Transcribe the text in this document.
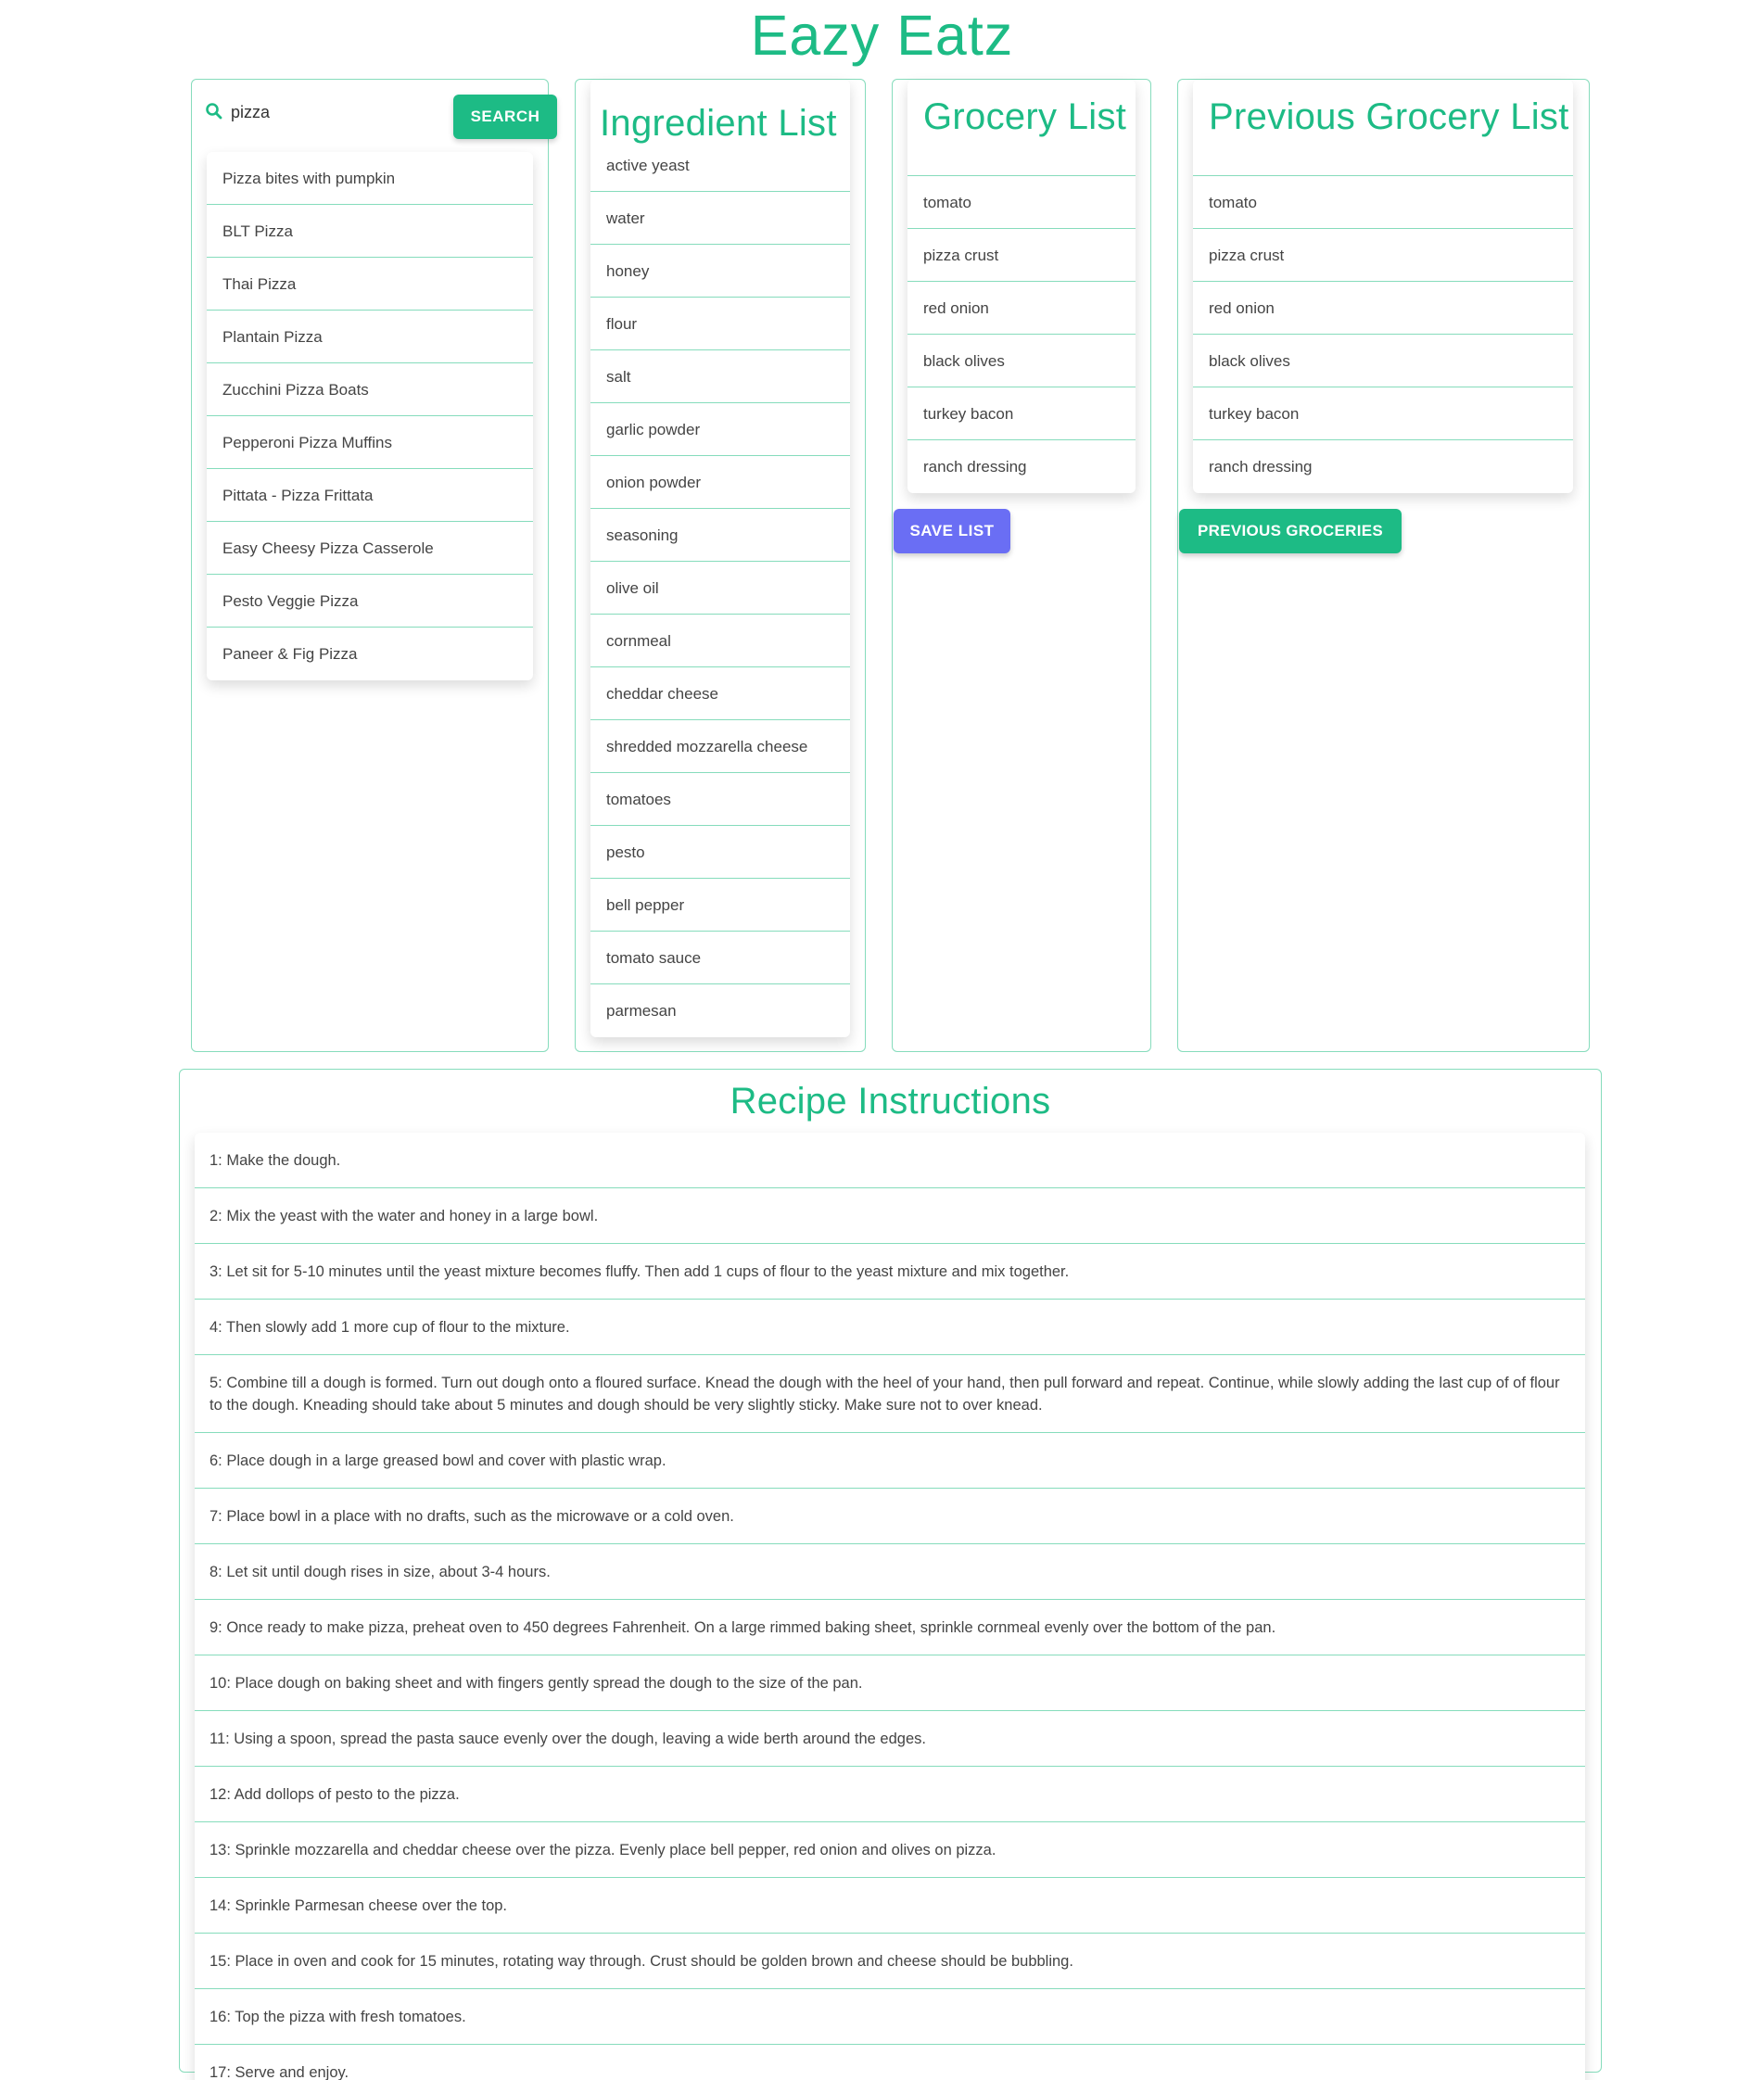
Eazy Eatz
pizza
SEARCH
Pizza bites with pumpkin
BLT Pizza
Thai Pizza
Plantain Pizza
Zucchini Pizza Boats
Pepperoni Pizza Muffins
Pittata - Pizza Frittata
Easy Cheesy Pizza Casserole
Pesto Veggie Pizza
Paneer & Fig Pizza
Ingredient List
active yeast
water
honey
flour
salt
garlic powder
onion powder
seasoning
olive oil
cornmeal
cheddar cheese
shredded mozzarella cheese
tomatoes
pesto
bell pepper
tomato sauce
parmesan
Grocery List
tomato
pizza crust
red onion
black olives
turkey bacon
ranch dressing
SAVE LIST
Previous Grocery List
tomato
pizza crust
red onion
black olives
turkey bacon
ranch dressing
PREVIOUS GROCERIES
Recipe Instructions
1: Make the dough.
2: Mix the yeast with the water and honey in a large bowl.
3: Let sit for 5-10 minutes until the yeast mixture becomes fluffy. Then add 1 cups of flour to the yeast mixture and mix together.
4: Then slowly add 1 more cup of flour to the mixture.
5: Combine till a dough is formed. Turn out dough onto a floured surface. Knead the dough with the heel of your hand, then pull forward and repeat. Continue, while slowly adding the last cup of of flour to the dough. Kneading should take about 5 minutes and dough should be very slightly sticky. Make sure not to over knead.
6: Place dough in a large greased bowl and cover with plastic wrap.
7: Place bowl in a place with no drafts, such as the microwave or a cold oven.
8: Let sit until dough rises in size, about 3-4 hours.
9: Once ready to make pizza, preheat oven to 450 degrees Fahrenheit. On a large rimmed baking sheet, sprinkle cornmeal evenly over the bottom of the pan.
10: Place dough on baking sheet and with fingers gently spread the dough to the size of the pan.
11: Using a spoon, spread the pasta sauce evenly over the dough, leaving a wide berth around the edges.
12: Add dollops of pesto to the pizza.
13: Sprinkle mozzarella and cheddar cheese over the pizza. Evenly place bell pepper, red onion and olives on pizza.
14: Sprinkle Parmesan cheese over the top.
15: Place in oven and cook for 15 minutes, rotating way through. Crust should be golden brown and cheese should be bubbling.
16: Top the pizza with fresh tomatoes.
17: Serve and enjoy.
